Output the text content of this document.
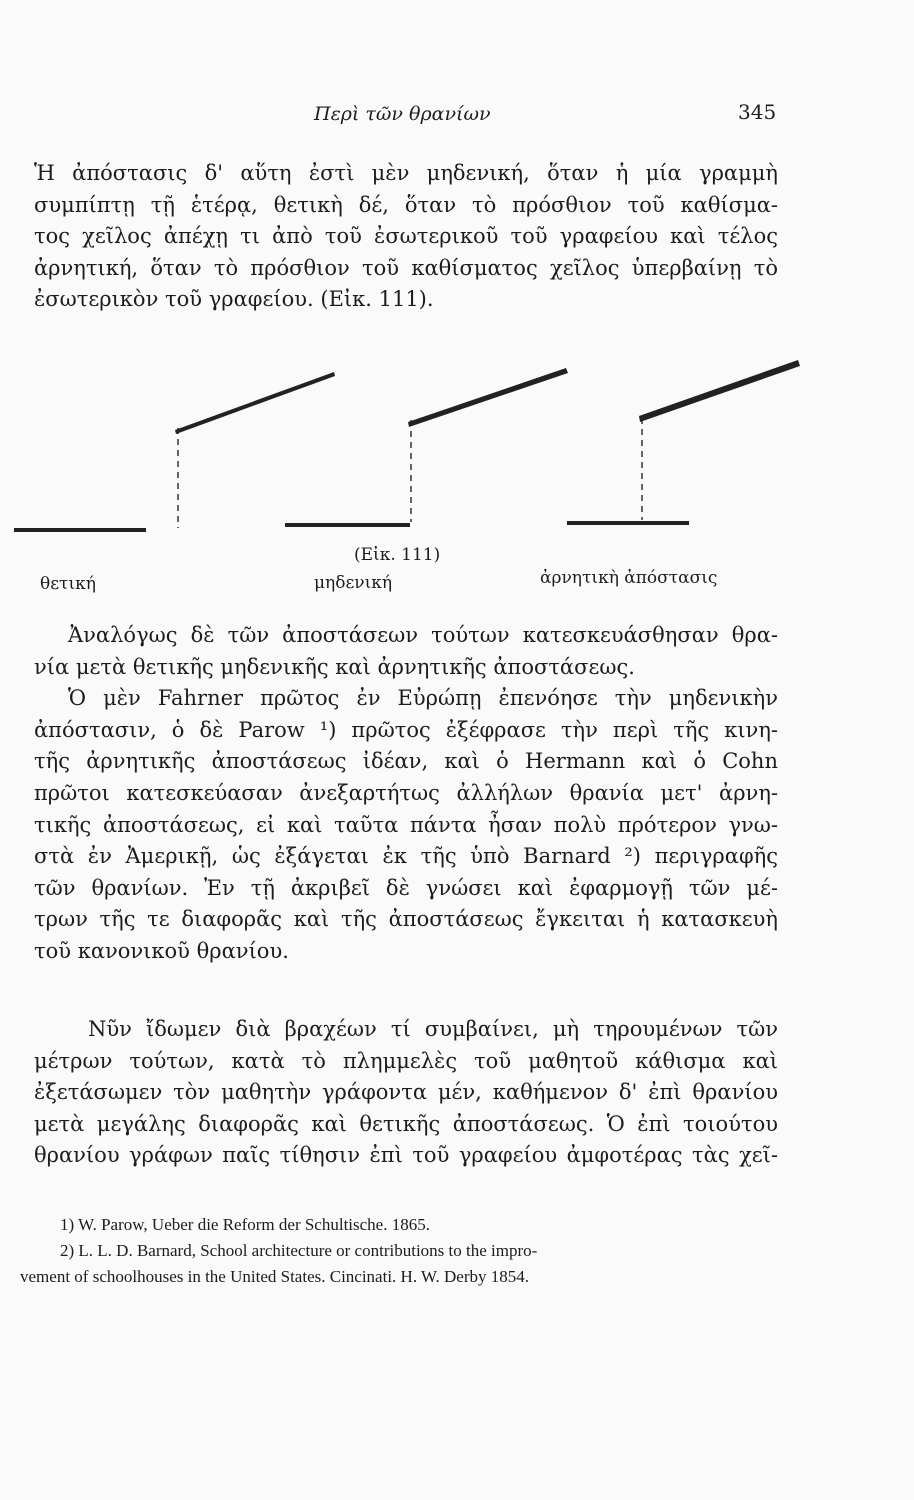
Περὶ τῶν θρανίων	345
Ἡ ἀπόστασις δ' αὕτη ἐστὶ μὲν μηδενική, ὅταν ἡ μία γραμμὴ
συμπίπτῃ τῇ ἑτέρᾳ, θετικὴ δέ, ὅταν τὸ πρόσθιον τοῦ καθίσμα-
τος χεῖλος ἀπέχῃ τι ἀπὸ τοῦ ἐσωτερικοῦ τοῦ γραφείου καὶ τέλος
ἀρνητική, ὅταν τὸ πρόσθιον τοῦ καθίσματος χεῖλος ὑπερβαίνῃ τὸ
ἐσωτερικὸν τοῦ γραφείου. (Εἰκ. 111).
(Εἰκ. 111)
θετική	μηδενική	ἀρνητικὴ ἀπόστασις
Ἀναλόγως δὲ τῶν ἀποστάσεων τούτων κατεσκευάσθησαν θρα-
νία μετὰ θετικῆς μηδενικῆς καὶ ἀρνητικῆς ἀποστάσεως.
Ὁ μὲν Fahrner πρῶτος ἐν Εὐρώπῃ ἐπενόησε τὴν μηδενικὴν
ἀπόστασιν, ὁ δὲ Parow ¹) πρῶτος ἐξέφρασε τὴν περὶ τῆς κινη-
τῆς ἀρνητικῆς ἀποστάσεως ἰδέαν, καὶ ὁ Hermann καὶ ὁ Cohn
πρῶτοι κατεσκεύασαν ἀνεξαρτήτως ἀλλήλων θρανία μετ' ἀρνη-
τικῆς ἀποστάσεως, εἰ καὶ ταῦτα πάντα ἦσαν πολὺ πρότερον γνω-
στὰ ἐν Ἀμερικῇ, ὡς ἐξάγεται ἐκ τῆς ὑπὸ Barnard ²) περιγραφῆς
τῶν θρανίων. Ἐν τῇ ἀκριβεῖ δὲ γνώσει καὶ ἐφαρμογῇ τῶν μέ-
τρων τῆς τε διαφορᾶς καὶ τῆς ἀποστάσεως ἔγκειται ἡ κατασκευὴ
τοῦ κανονικοῦ θρανίου.
Νῦν ἴδωμεν διὰ βραχέων τί συμβαίνει, μὴ τηρουμένων τῶν
μέτρων τούτων, κατὰ τὸ πλημμελὲς τοῦ μαθητοῦ κάθισμα καὶ
ἐξετάσωμεν τὸν μαθητὴν γράφοντα μέν, καθήμενον δ' ἐπὶ θρανίου
μετὰ μεγάλης διαφορᾶς καὶ θετικῆς ἀποστάσεως. Ὁ ἐπὶ τοιούτου
θρανίου γράφων παῖς τίθησιν ἐπὶ τοῦ γραφείου ἀμφοτέρας τὰς χεῖ-
1) W. Parow, Ueber die Reform der Schultische. 1865.
2) L. L. D. Barnard, School architecture or contributions to the impro-
vement of schoolhouses in the United States. Cincinati. H. W. Derby 1854.
